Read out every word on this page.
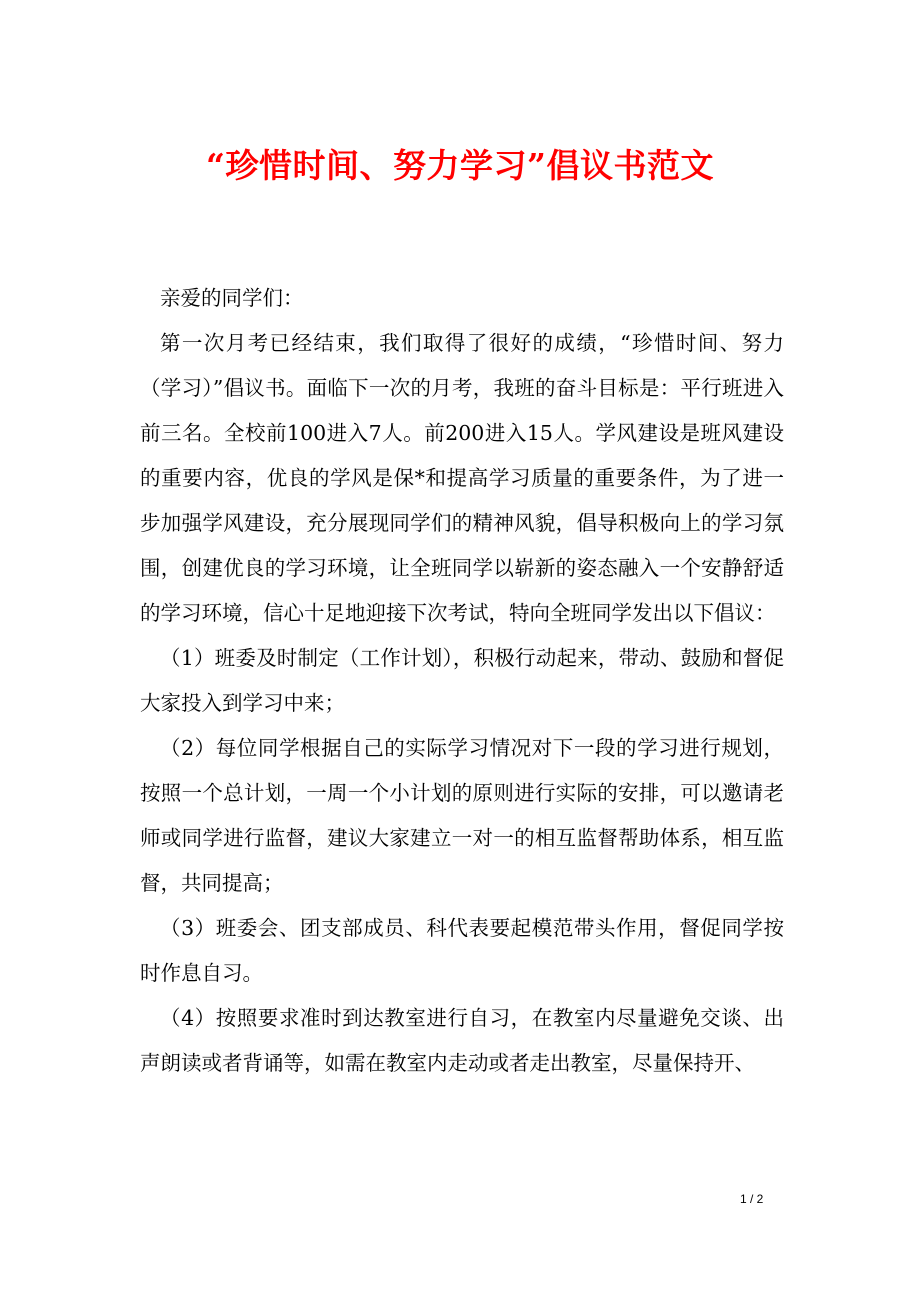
“珍惜时间、努力学习”倡议书范文

亲爱的同学们：

第一次月考已经结束，我们取得了很好的成绩，“珍惜时间、努力（学习）”倡议书。面临下一次的月考，我班的奋斗目标是：平行班进入前三名。全校前100进入7人。前200进入15人。学风建设是班风建设的重要内容，优良的学风是保*和提高学习质量的重要条件，为了进一步加强学风建设，充分展现同学们的精神风貌，倡导积极向上的学习氛围，创建优良的学习环境，让全班同学以崭新的姿态融入一个安静舒适的学习环境，信心十足地迎接下次考试，特向全班同学发出以下倡议：

（1）班委及时制定（工作计划），积极行动起来，带动、鼓励和督促大家投入到学习中来；

（2）每位同学根据自己的实际学习情况对下一段的学习进行规划，按照一个总计划，一周一个小计划的原则进行实际的安排，可以邀请老师或同学进行监督，建议大家建立一对一的相互监督帮助体系，相互监督，共同提高；

（3）班委会、团支部成员、科代表要起模范带头作用，督促同学按时作息自习。

（4）按照要求准时到达教室进行自习，在教室内尽量避免交谈、出声朗读或者背诵等，如需在教室内走动或者走出教室，尽量保持开、

1 / 2
